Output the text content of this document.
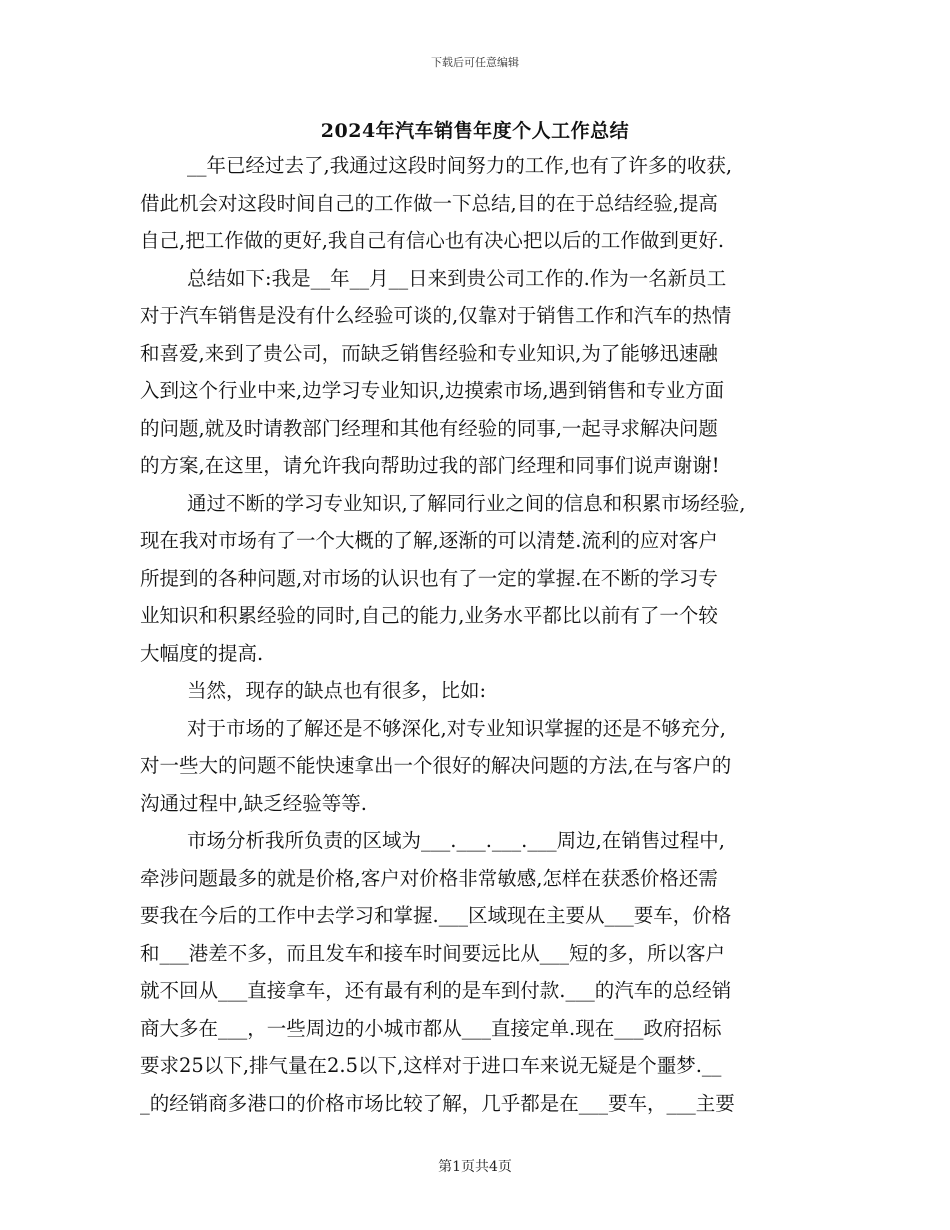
下载后可任意编辑
2024年汽车销售年度个人工作总结
__年已经过去了,我通过这段时间努力的工作,也有了许多的收获,
借此机会对这段时间自己的工作做一下总结,目的在于总结经验,提高
自己,把工作做的更好,我自己有信心也有决心把以后的工作做到更好.
总结如下:我是__年__月__日来到贵公司工作的.作为一名新员工
对于汽车销售是没有什么经验可谈的,仅靠对于销售工作和汽车的热情
和喜爱,来到了贵公司，而缺乏销售经验和专业知识,为了能够迅速融
入到这个行业中来,边学习专业知识,边摸索市场,遇到销售和专业方面
的问题,就及时请教部门经理和其他有经验的同事,一起寻求解决问题
的方案,在这里，请允许我向帮助过我的部门经理和同事们说声谢谢!
通过不断的学习专业知识,了解同行业之间的信息和积累市场经验,
现在我对市场有了一个大概的了解,逐渐的可以清楚.流利的应对客户
所提到的各种问题,对市场的认识也有了一定的掌握.在不断的学习专
业知识和积累经验的同时,自己的能力,业务水平都比以前有了一个较
大幅度的提高.
当然，现存的缺点也有很多，比如:
对于市场的了解还是不够深化,对专业知识掌握的还是不够充分,
对一些大的问题不能快速拿出一个很好的解决问题的方法,在与客户的
沟通过程中,缺乏经验等等.
市场分析我所负责的区域为___.___.___.___周边,在销售过程中,
牵涉问题最多的就是价格,客户对价格非常敏感,怎样在获悉价格还需
要我在今后的工作中去学习和掌握.___区域现在主要从___要车，价格
和___港差不多，而且发车和接车时间要远比从___短的多，所以客户
就不回从___直接拿车，还有最有利的是车到付款.___的汽车的总经销
商大多在___，一些周边的小城市都从___直接定单.现在___政府招标
要求25以下,排气量在2.5以下,这样对于进口车来说无疑是个噩梦.__
_的经销商多港口的价格市场比较了解，几乎都是在___要车，___主要
第1页共4页
